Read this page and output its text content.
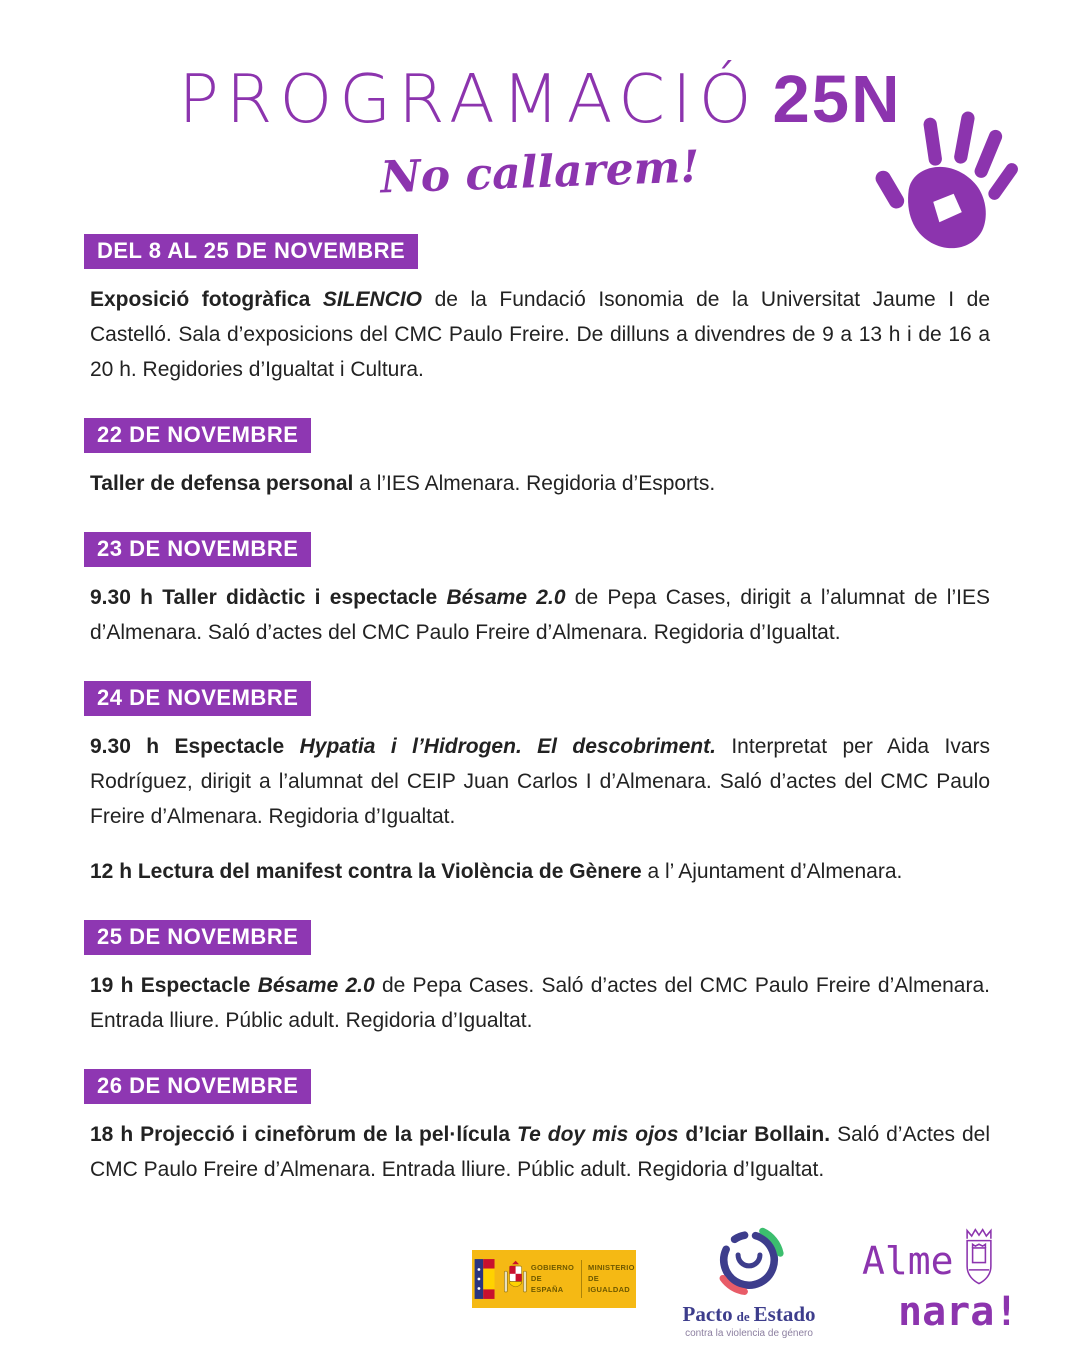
PROGRAMACIÓ 25N
No callarem!
DEL 8 AL 25 DE NOVEMBRE

Exposició fotogràfica SILENCIO de la Fundació Isonomia de la Universitat Jaume I de Castelló. Sala d’exposicions del CMC Paulo Freire. De dilluns a divendres de 9 a 13 h i de 16 a 20 h. Regidories d’Igualtat i Cultura.

22 DE NOVEMBRE

Taller de defensa personal a l’IES Almenara. Regidoria d’Esports.

23 DE NOVEMBRE

9.30 h Taller didàctic i espectacle Bésame 2.0 de Pepa Cases, dirigit a l’alumnat de l’IES d’Almenara. Saló d’actes del CMC Paulo Freire d’Almenara. Regidoria d’Igualtat.

24 DE NOVEMBRE

9.30 h Espectacle Hypatia i l’Hidrogen. El descobriment. Interpretat per Aida Ivars Rodríguez, dirigit a l’alumnat del CEIP Juan Carlos I d’Almenara. Saló d’actes del CMC Paulo Freire d’Almenara. Regidoria d’Igualtat.

12 h Lectura del manifest contra la Violència de Gènere a l’ Ajuntament d’Almenara.

25 DE NOVEMBRE

19 h Espectacle Bésame 2.0 de Pepa Cases. Saló d’actes del CMC Paulo Freire d’Almenara. Entrada lliure. Públic adult. Regidoria d’Igualtat.

26 DE NOVEMBRE

18 h Projecció i cinefòrum de la pel·lícula Te doy mis ojos d’Iciar Bollain. Saló d’Actes del CMC Paulo Freire d’Almenara. Entrada lliure. Públic adult. Regidoria d’Igualtat.

GOBIERNO
DE ESPAÑA
MINISTERIO
DE IGUALDAD
Pacto de Estado
contra la violencia de género
Alme
nara!
